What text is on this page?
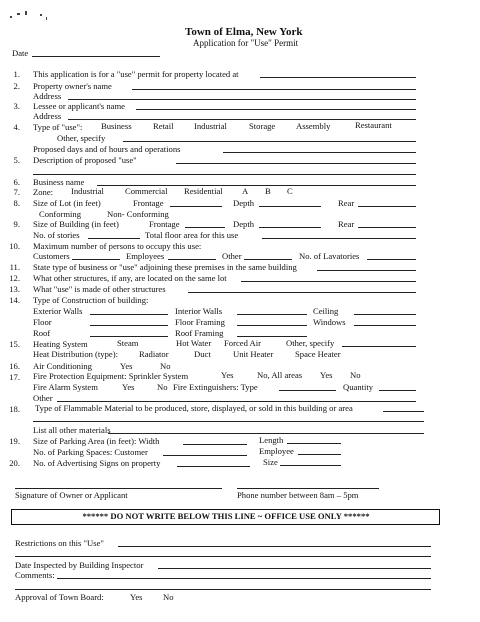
Town of Elma, New York
Application for "Use" Permit
Date
1. This application is for a "use" permit for property located at
2. Property owner's name
Address
3. Lessee or applicant's name
Address
4. Type of "use": Business Retail Industrial	Storage Assembly	Restaurant
Other, specify
Proposed days and of hours and operations
5. Description of proposed "use"
6. Business name
7. Zone: Industrial Commercial Residential A B C
8. Size of Lot (in feet)	Frontage	Depth	Rear
Conforming	Non- Conforming
9. Size of Building (in feet)	Frontage	Depth	Rear
No. of stories	Total floor area for this use
10. Maximum number of persons to occupy this use:
Customers	Employees	Other	No. of Lavatories
11. State type of business or "use" adjoining these premises in the same building
12. What other structures, if any, are located on the same lot
13. What "use" is made of other structures
14. Type of Construction of building:
Exterior Walls	Interior Walls	Ceiling
Floor	Floor Framing	Windows
Roof	Roof Framing
15. Heating System	Steam	Hot Water Forced Air	Other, specify
Heat Distribution (type): Radiator	Duct	Unit Heater	Space Heater
16. Air Conditioning	Yes	No
17. Fire Protection Equipment: Sprinkler System	Yes	No, All areas Yes No
Fire Alarm System	Yes	No Fire Extinguishers: Type	Quantity
Other
18. Type of Flammable Material to be produced, store, displayed, or sold in this building or area
List all other materials
19. Size of Parking Area (in feet): Width	Length
No. of Parking Spaces: Customer	Employee
20. No. of Advertising Signs on property	Size
Signature of Owner or Applicant	Phone number between 8am – 5pm
****** DO NOT WRITE BELOW THIS LINE ~ OFFICE USE ONLY ******
Restrictions on this "Use"
Date Inspected by Building Inspector
Comments:
Approval of Town Board:	Yes No
